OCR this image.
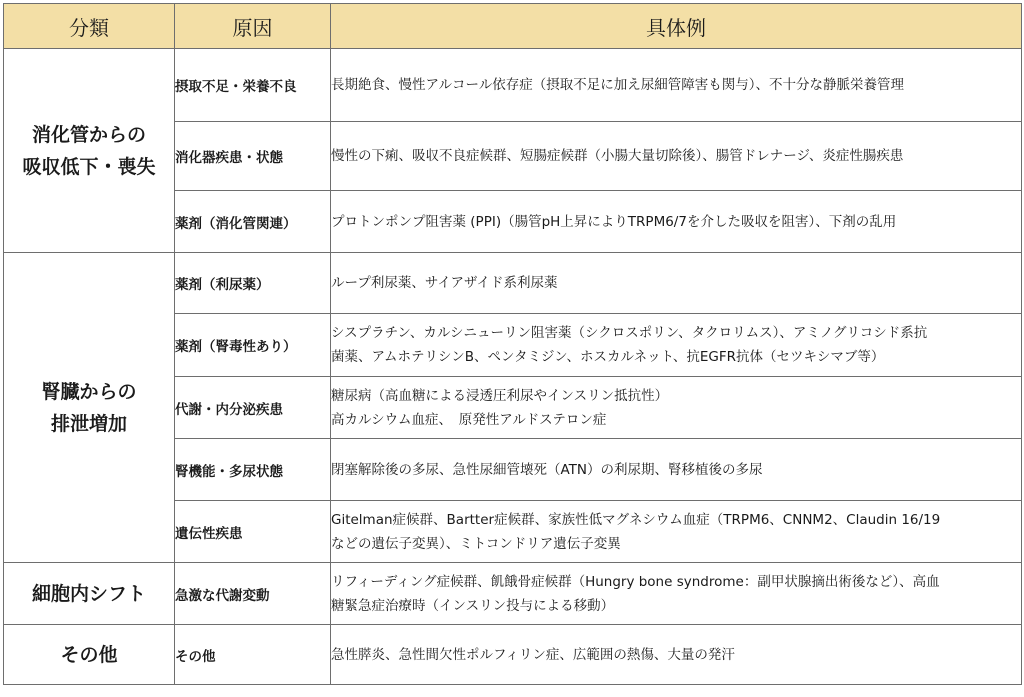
分類	原因	具体例

消化管からの
吸収低下・喪失	摂取不足・栄養不良	長期絶食、慢性アルコール依存症（摂取不足に加え尿細管障害も関与）、不十分な静脈栄養管理

	消化器疾患・状態	慢性の下痢、吸収不良症候群、短腸症候群（小腸大量切除後）、腸管ドレナージ、炎症性腸疾患

	薬剤（消化管関連）	プロトンポンプ阻害薬 (PPI)（腸管pH上昇によりTRPM6/7を介した吸収を阻害）、下剤の乱用

腎臓からの
排泄増加	薬剤（利尿薬）	ループ利尿薬、サイアザイド系利尿薬

	薬剤（腎毒性あり）	シスプラチン、カルシニューリン阻害薬（シクロスポリン、タクロリムス）、アミノグリコシド系抗
菌薬、アムホテリシンB、ペンタミジン、ホスカルネット、抗EGFR抗体（セツキシマブ等）

	代謝・内分泌疾患	糖尿病（高血糖による浸透圧利尿やインスリン抵抗性）
高カルシウム血症、　原発性アルドステロン症

	腎機能・多尿状態	閉塞解除後の多尿、急性尿細管壊死（ATN）の利尿期、腎移植後の多尿

	遺伝性疾患	Gitelman症候群、Bartter症候群、家族性低マグネシウム血症（TRPM6、CNNM2、Claudin 16/19
などの遺伝子変異）、ミトコンドリア遺伝子変異

細胞内シフト	急激な代謝変動	リフィーディング症候群、飢餓骨症候群（Hungry bone syndrome：副甲状腺摘出術後など）、高血
糖緊急症治療時（インスリン投与による移動）

その他	その他	急性膵炎、急性間欠性ポルフィリン症、広範囲の熱傷、大量の発汗
